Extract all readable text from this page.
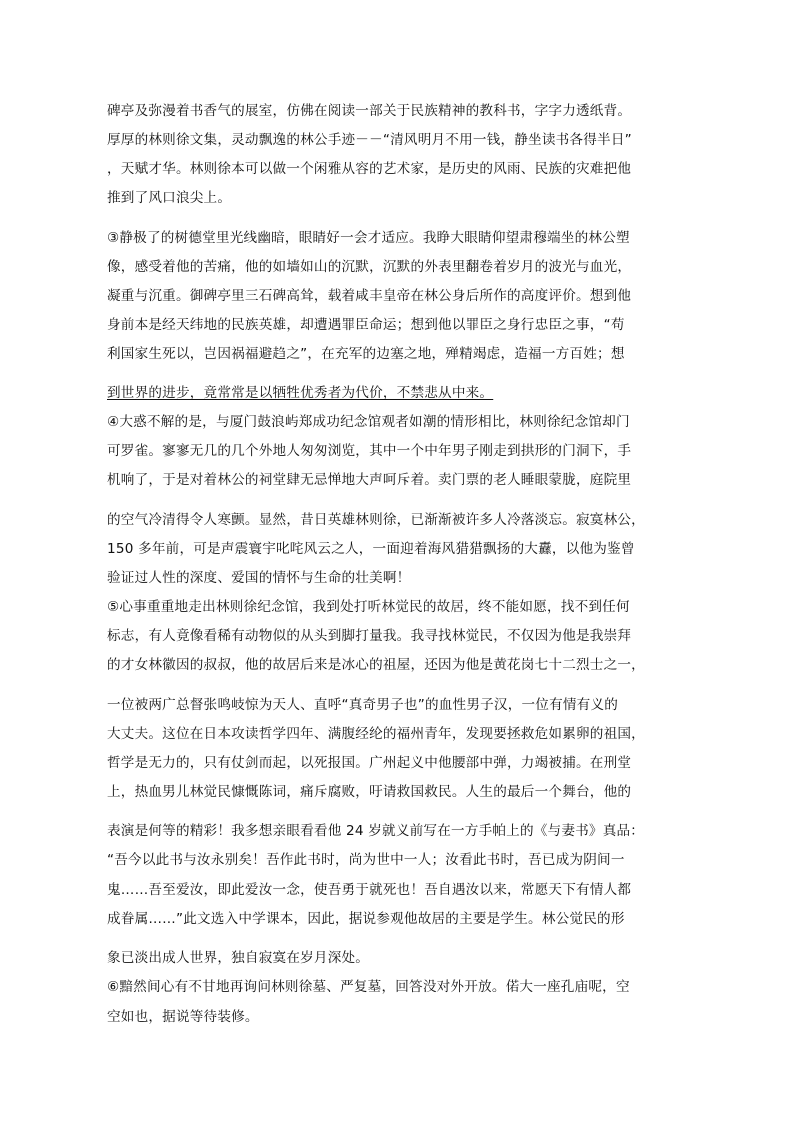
碑亭及弥漫着书香气的展室，仿佛在阅读一部关于民族精神的教科书，字字力透纸背。
厚厚的林则徐文集，灵动飘逸的林公手迹－－“清风明月不用一钱，静坐读书各得半日”
，天赋才华。林则徐本可以做一个闲雅从容的艺术家，是历史的风雨、民族的灾难把他
推到了风口浪尖上。
③静极了的树德堂里光线幽暗，眼睛好一会才适应。我睁大眼睛仰望肃穆端坐的林公塑
像，感受着他的苦痛，他的如墙如山的沉默，沉默的外表里翻卷着岁月的波光与血光，
凝重与沉重。御碑亭里三石碑高耸，载着咸丰皇帝在林公身后所作的高度评价。想到他
身前本是经天纬地的民族英雄，却遭遇罪臣命运；想到他以罪臣之身行忠臣之事，“苟
利国家生死以，岂因祸福避趋之”，在充军的边塞之地，殚精竭虑，造福一方百姓；想
到世界的进步，竟常常是以牺牲优秀者为代价，不禁悲从中来。
④大惑不解的是，与厦门鼓浪屿郑成功纪念馆观者如潮的情形相比，林则徐纪念馆却门
可罗雀。寥寥无几的几个外地人匆匆浏览，其中一个中年男子刚走到拱形的门洞下，手
机响了，于是对着林公的祠堂肆无忌惮地大声呵斥着。卖门票的老人睡眼蒙胧，庭院里
的空气冷清得令人寒颤。显然，昔日英雄林则徐，已渐渐被许多人冷落淡忘。寂寞林公，
150 多年前，可是声震寰宇叱咤风云之人，一面迎着海风猎猎飘扬的大纛，以他为鉴曾
验证过人性的深度、爱国的情怀与生命的壮美啊！
⑤心事重重地走出林则徐纪念馆，我到处打听林觉民的故居，终不能如愿，找不到任何
标志，有人竟像看稀有动物似的从头到脚打量我。我寻找林觉民，不仅因为他是我崇拜
的才女林徽因的叔叔，他的故居后来是冰心的祖屋，还因为他是黄花岗七十二烈士之一，
一位被两广总督张鸣岐惊为天人、直呼“真奇男子也”的血性男子汉，一位有情有义的
大丈夫。这位在日本攻读哲学四年、满腹经纶的福州青年，发现要拯救危如累卵的祖国，
哲学是无力的，只有仗剑而起，以死报国。广州起义中他腰部中弹，力竭被捕。在刑堂
上，热血男儿林觉民慷慨陈词，痛斥腐败，吁请救国救民。人生的最后一个舞台，他的
表演是何等的精彩！我多想亲眼看看他 24 岁就义前写在一方手帕上的《与妻书》真品：
“吾今以此书与汝永别矣！吾作此书时，尚为世中一人；汝看此书时，吾已成为阴间一
鬼……吾至爱汝，即此爱汝一念，使吾勇于就死也！吾自遇汝以来，常愿天下有情人都
成眷属……”此文选入中学课本，因此，据说参观他故居的主要是学生。林公觉民的形
象已淡出成人世界，独自寂寞在岁月深处。
⑥黯然间心有不甘地再询问林则徐墓、严复墓，回答没对外开放。偌大一座孔庙呢，空
空如也，据说等待装修。
